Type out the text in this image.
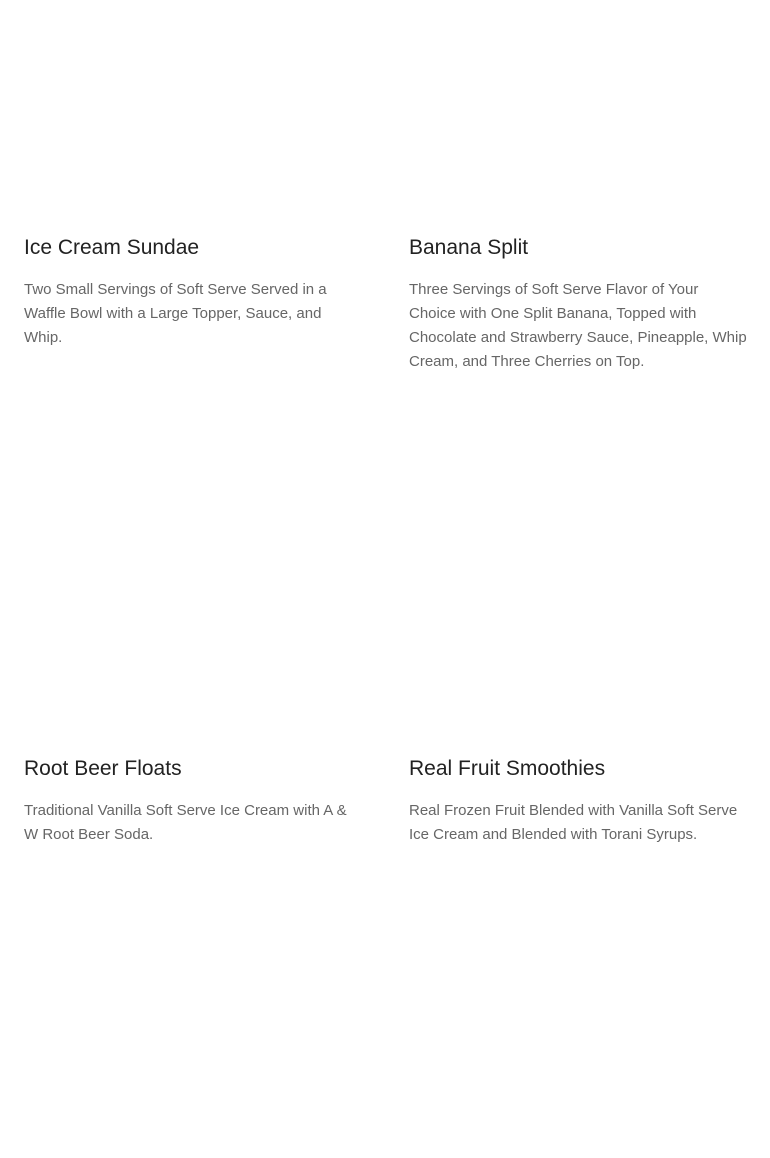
Ice Cream Sundae

Two Small Servings of Soft Serve Served in a Waffle Bowl with a Large Topper, Sauce, and Whip.

Banana Split

Three Servings of Soft Serve Flavor of Your Choice with One Split Banana, Topped with Chocolate and Strawberry Sauce, Pineapple, Whip Cream, and Three Cherries on Top.

Root Beer Floats

Traditional Vanilla Soft Serve Ice Cream with A & W Root Beer Soda.

Real Fruit Smoothies

Real Frozen Fruit Blended with Vanilla Soft Serve Ice Cream and Blended with Torani Syrups.
